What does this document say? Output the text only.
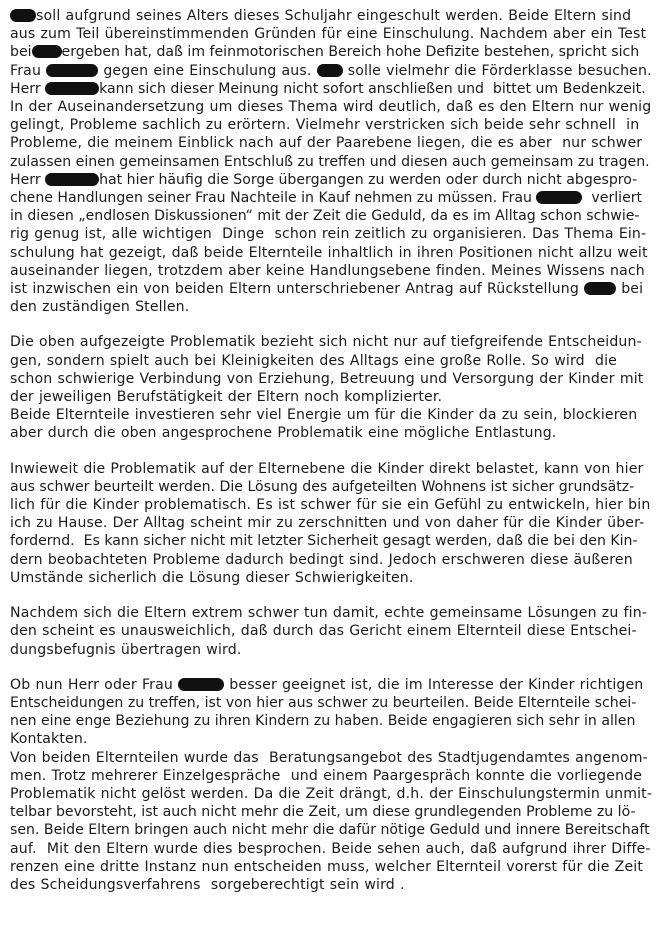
soll aufgrund seines Alters dieses Schuljahr eingeschult werden. Beide Eltern sind
aus zum Teil übereinstimmenden Gründen für eine Einschulung. Nachdem aber ein Test
bei ergeben hat, daß im feinmotorischen Bereich hohe Defizite bestehen, spricht sich
Frau	gegen eine Einschulung aus.  solle vielmehr die Förderklasse besuchen.
Herr	kann sich dieser Meinung nicht sofort anschließen und  bittet um Bedenkzeit.
In der Auseinandersetzung um dieses Thema wird deutlich, daß es den Eltern nur wenig
gelingt, Probleme sachlich zu erörtern. Vielmehr verstricken sich beide sehr schnell  in
Probleme, die meinem Einblick nach auf der Paarebene liegen, die es aber  nur schwer
zulassen einen gemeinsamen Entschluß zu treffen und diesen auch gemeinsam zu tragen.
Herr	hat hier häufig die Sorge übergangen zu werden oder durch nicht abgespro-
chene Handlungen seiner Frau Nachteile in Kauf nehmen zu müssen. Frau	verliert
in diesen „endlosen Diskussionen“ mit der Zeit die Geduld, da es im Alltag schon schwie-
rig genug ist, alle wichtigen  Dinge  schon rein zeitlich zu organisieren. Das Thema Ein-
schulung hat gezeigt, daß beide Elternteile inhaltlich in ihren Positionen nicht allzu weit
auseinander liegen, trotzdem aber keine Handlungsebene finden. Meines Wissens nach
ist inzwischen ein von beiden Eltern unterschriebener Antrag auf Rückstellung  bei
den zuständigen Stellen.
Die oben aufgezeigte Problematik bezieht sich nicht nur auf tiefgreifende Entscheidun-
gen, sondern spielt auch bei Kleinigkeiten des Alltags eine große Rolle. So wird  die
schon schwierige Verbindung von Erziehung, Betreuung und Versorgung der Kinder mit
der jeweiligen Berufstätigkeit der Eltern noch komplizierter.
Beide Elternteile investieren sehr viel Energie um für die Kinder da zu sein, blockieren
aber durch die oben angesprochene Problematik eine mögliche Entlastung.
Inwieweit die Problematik auf der Elternebene die Kinder direkt belastet, kann von hier
aus schwer beurteilt werden. Die Lösung des aufgeteilten Wohnens ist sicher grundsätz-
lich für die Kinder problematisch. Es ist schwer für sie ein Gefühl zu entwickeln, hier bin
ich zu Hause. Der Alltag scheint mir zu zerschnitten und von daher für die Kinder über-
fordernd.  Es kann sicher nicht mit letzter Sicherheit gesagt werden, daß die bei den Kin-
dern beobachteten Probleme dadurch bedingt sind. Jedoch erschweren diese äußeren
Umstände sicherlich die Lösung dieser Schwierigkeiten.
Nachdem sich die Eltern extrem schwer tun damit, echte gemeinsame Lösungen zu fin-
den scheint es unausweichlich, daß durch das Gericht einem Elternteil diese Entschei-
dungsbefugnis übertragen wird.
Ob nun Herr oder Frau	besser geeignet ist, die im Interesse der Kinder richtigen
Entscheidungen zu treffen, ist von hier aus schwer zu beurteilen. Beide Elternteile schei-
nen eine enge Beziehung zu ihren Kindern zu haben. Beide engagieren sich sehr in allen
Kontakten.
Von beiden Elternteilen wurde das  Beratungsangebot des Stadtjugendamtes angenom-
men. Trotz mehrerer Einzelgespräche  und einem Paargespräch konnte die vorliegende
Problematik nicht gelöst werden. Da die Zeit drängt, d.h. der Einschulungstermin unmit-
telbar bevorsteht, ist auch nicht mehr die Zeit, um diese grundlegenden Probleme zu lö-
sen. Beide Eltern bringen auch nicht mehr die dafür nötige Geduld und innere Bereitschaft
auf.  Mit den Eltern wurde dies besprochen. Beide sehen auch, daß aufgrund ihrer Diffe-
renzen eine dritte Instanz nun entscheiden muss, welcher Elternteil vorerst für die Zeit
des Scheidungsverfahrens  sorgeberechtigt sein wird .
